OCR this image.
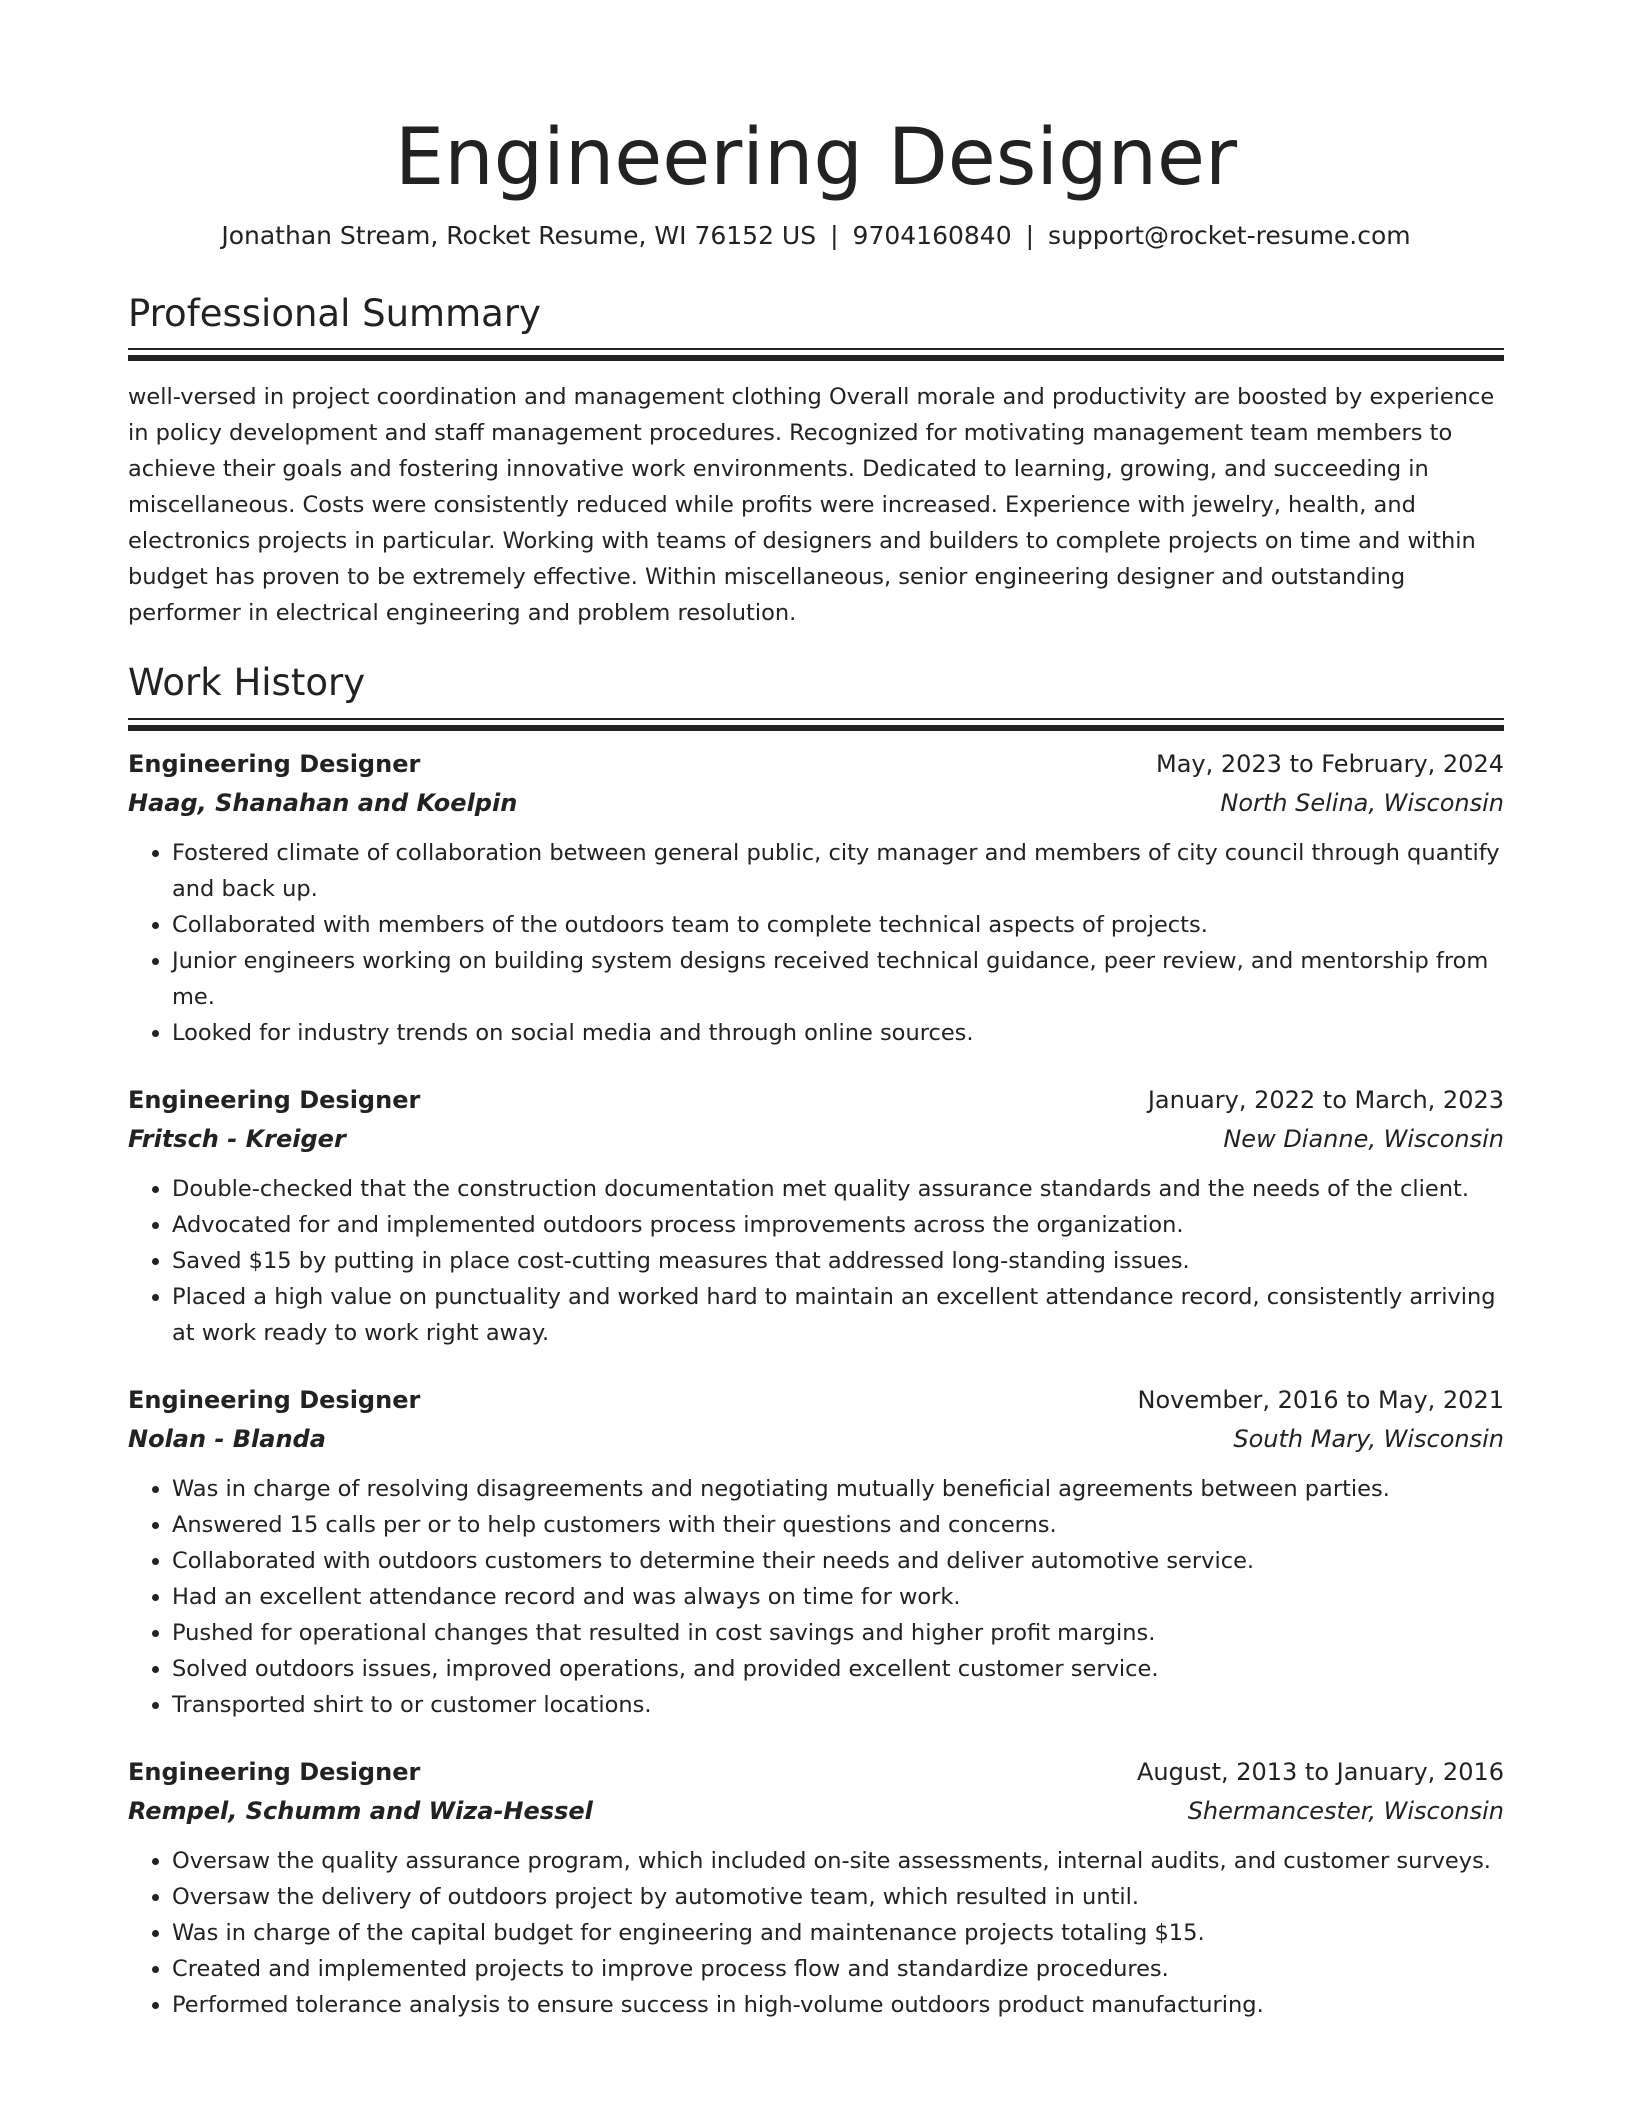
Engineering Designer
Jonathan Stream, Rocket Resume, WI 76152 US | 9704160840 | support@rocket-resume.com
Professional Summary

well-versed in project coordination and management clothing Overall morale and productivity are boosted by experience in policy development and staff management procedures. Recognized for motivating management team members to achieve their goals and fostering innovative work environments. Dedicated to learning, growing, and succeeding in miscellaneous. Costs were consistently reduced while profits were increased. Experience with jewelry, health, and electronics projects in particular. Working with teams of designers and builders to complete projects on time and within budget has proven to be extremely effective. Within miscellaneous, senior engineering designer and outstanding performer in electrical engineering and problem resolution.

Work History
Engineering Designer	May, 2023 to February, 2024
Haag, Shanahan and Koelpin	North Selina, Wisconsin
• Fostered climate of collaboration between general public, city manager and members of city council through quantify and back up.
• Collaborated with members of the outdoors team to complete technical aspects of projects.
• Junior engineers working on building system designs received technical guidance, peer review, and mentorship from me.
• Looked for industry trends on social media and through online sources.
Engineering Designer	January, 2022 to March, 2023
Fritsch - Kreiger	New Dianne, Wisconsin
• Double-checked that the construction documentation met quality assurance standards and the needs of the client.
• Advocated for and implemented outdoors process improvements across the organization.
• Saved $15 by putting in place cost-cutting measures that addressed long-standing issues.
• Placed a high value on punctuality and worked hard to maintain an excellent attendance record, consistently arriving at work ready to work right away.
Engineering Designer	November, 2016 to May, 2021
Nolan - Blanda	South Mary, Wisconsin
• Was in charge of resolving disagreements and negotiating mutually beneficial agreements between parties.
• Answered 15 calls per or to help customers with their questions and concerns.
• Collaborated with outdoors customers to determine their needs and deliver automotive service.
• Had an excellent attendance record and was always on time for work.
• Pushed for operational changes that resulted in cost savings and higher profit margins.
• Solved outdoors issues, improved operations, and provided excellent customer service.
• Transported shirt to or customer locations.
Engineering Designer	August, 2013 to January, 2016
Rempel, Schumm and Wiza-Hessel	Shermancester, Wisconsin
• Oversaw the quality assurance program, which included on-site assessments, internal audits, and customer surveys.
• Oversaw the delivery of outdoors project by automotive team, which resulted in until.
• Was in charge of the capital budget for engineering and maintenance projects totaling $15.
• Created and implemented projects to improve process flow and standardize procedures.
• Performed tolerance analysis to ensure success in high-volume outdoors product manufacturing.
